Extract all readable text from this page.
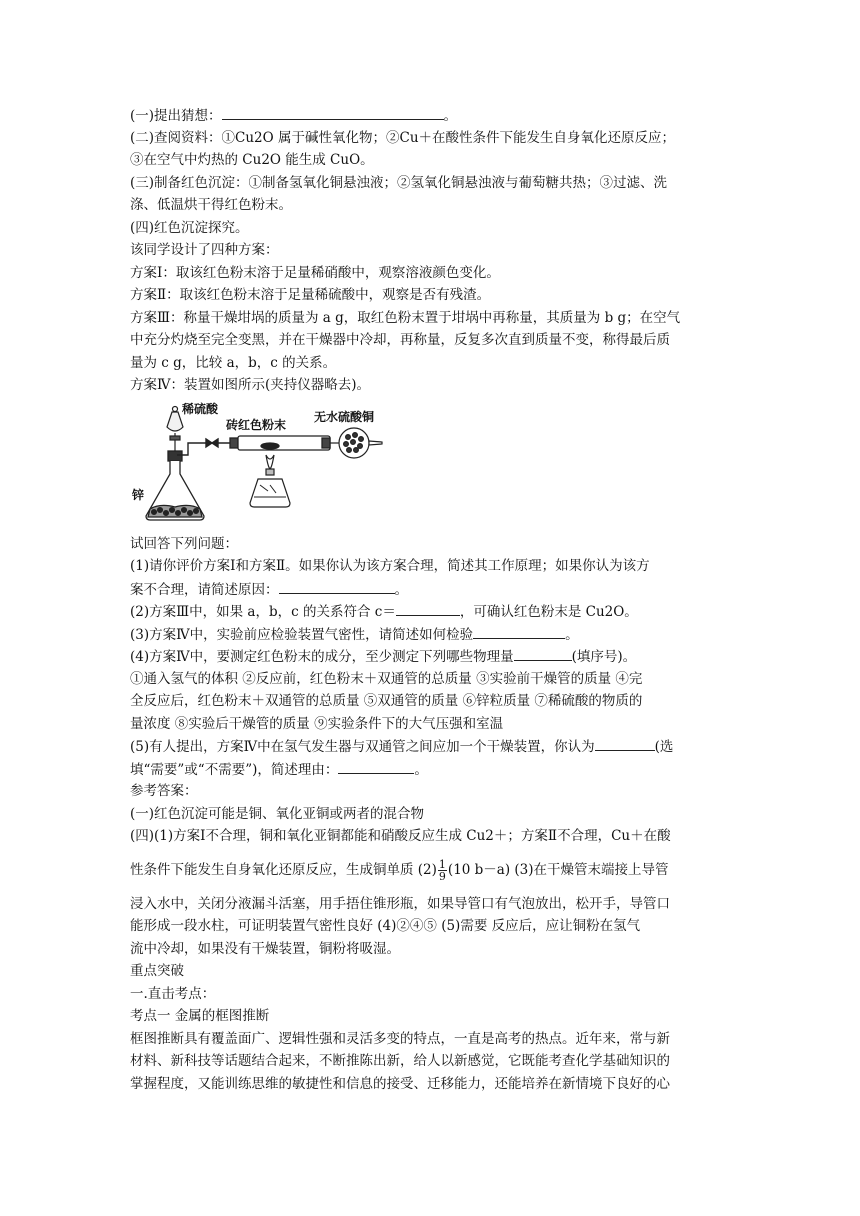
(一)提出猜想：	。
(二)查阅资料：①Cu2O 属于碱性氧化物；②Cu＋在酸性条件下能发生自身氧化还原反应；
③在空气中灼热的 Cu2O 能生成 CuO。
(三)制备红色沉淀：①制备氢氧化铜悬浊液；②氢氧化铜悬浊液与葡萄糖共热；③过滤、洗
涤、低温烘干得红色粉末。
(四)红色沉淀探究。
该同学设计了四种方案：
方案Ⅰ：取该红色粉末溶于足量稀硝酸中，观察溶液颜色变化。
方案Ⅱ：取该红色粉末溶于足量稀硫酸中，观察是否有残渣。
方案Ⅲ：称量干燥坩埚的质量为 a g，取红色粉末置于坩埚中再称量，其质量为 b g；在空气
中充分灼烧至完全变黑，并在干燥器中冷却，再称量，反复多次直到质量不变，称得最后质
量为 c g，比较 a，b，c 的关系。
方案Ⅳ：装置如图所示(夹持仪器略去)。
稀硫酸
砖红色粉末
无水硫酸铜
锌
试回答下列问题：
(1)请你评价方案Ⅰ和方案Ⅱ。如果你认为该方案合理，简述其工作原理；如果你认为该方
案不合理，请简述原因：	。
(2)方案Ⅲ中，如果 a，b，c 的关系符合 c＝	，可确认红色粉末是 Cu2O。
(3)方案Ⅳ中，实验前应检验装置气密性，请简述如何检验	。
(4)方案Ⅳ中，要测定红色粉末的成分，至少测定下列哪些物理量	(填序号)。
①通入氢气的体积 ②反应前，红色粉末＋双通管的总质量 ③实验前干燥管的质量 ④完
全反应后，红色粉末＋双通管的总质量 ⑤双通管的质量 ⑥锌粒质量 ⑦稀硫酸的物质的
量浓度 ⑧实验后干燥管的质量 ⑨实验条件下的大气压强和室温
(5)有人提出，方案Ⅳ中在氢气发生器与双通管之间应加一个干燥装置，你认为	(选
填“需要”或“不需要”)，简述理由：	。
参考答案：
(一)红色沉淀可能是铜、氧化亚铜或两者的混合物
(四)(1)方案Ⅰ不合理，铜和氧化亚铜都能和硝酸反应生成 Cu2＋；方案Ⅱ不合理，Cu＋在酸
性条件下能发生自身氧化还原反应，生成铜单质 $(2) \frac{1}{9} (10$ b－a) (3)在干燥管末端接上导管
浸入水中，关闭分液漏斗活塞，用手捂住锥形瓶，如果导管口有气泡放出，松开手，导管口
能形成一段水柱，可证明装置气密性良好 (4)②④⑤ (5)需要 反应后，应让铜粉在氢气
流中冷却，如果没有干燥装置，铜粉将吸湿。
重点突破
一.直击考点：
考点一 金属的框图推断
框图推断具有覆盖面广、逻辑性强和灵活多变的特点，一直是高考的热点。近年来，常与新
材料、新科技等话题结合起来，不断推陈出新，给人以新感觉，它既能考查化学基础知识的
掌握程度，又能训练思维的敏捷性和信息的接受、迁移能力，还能培养在新情境下良好的心
